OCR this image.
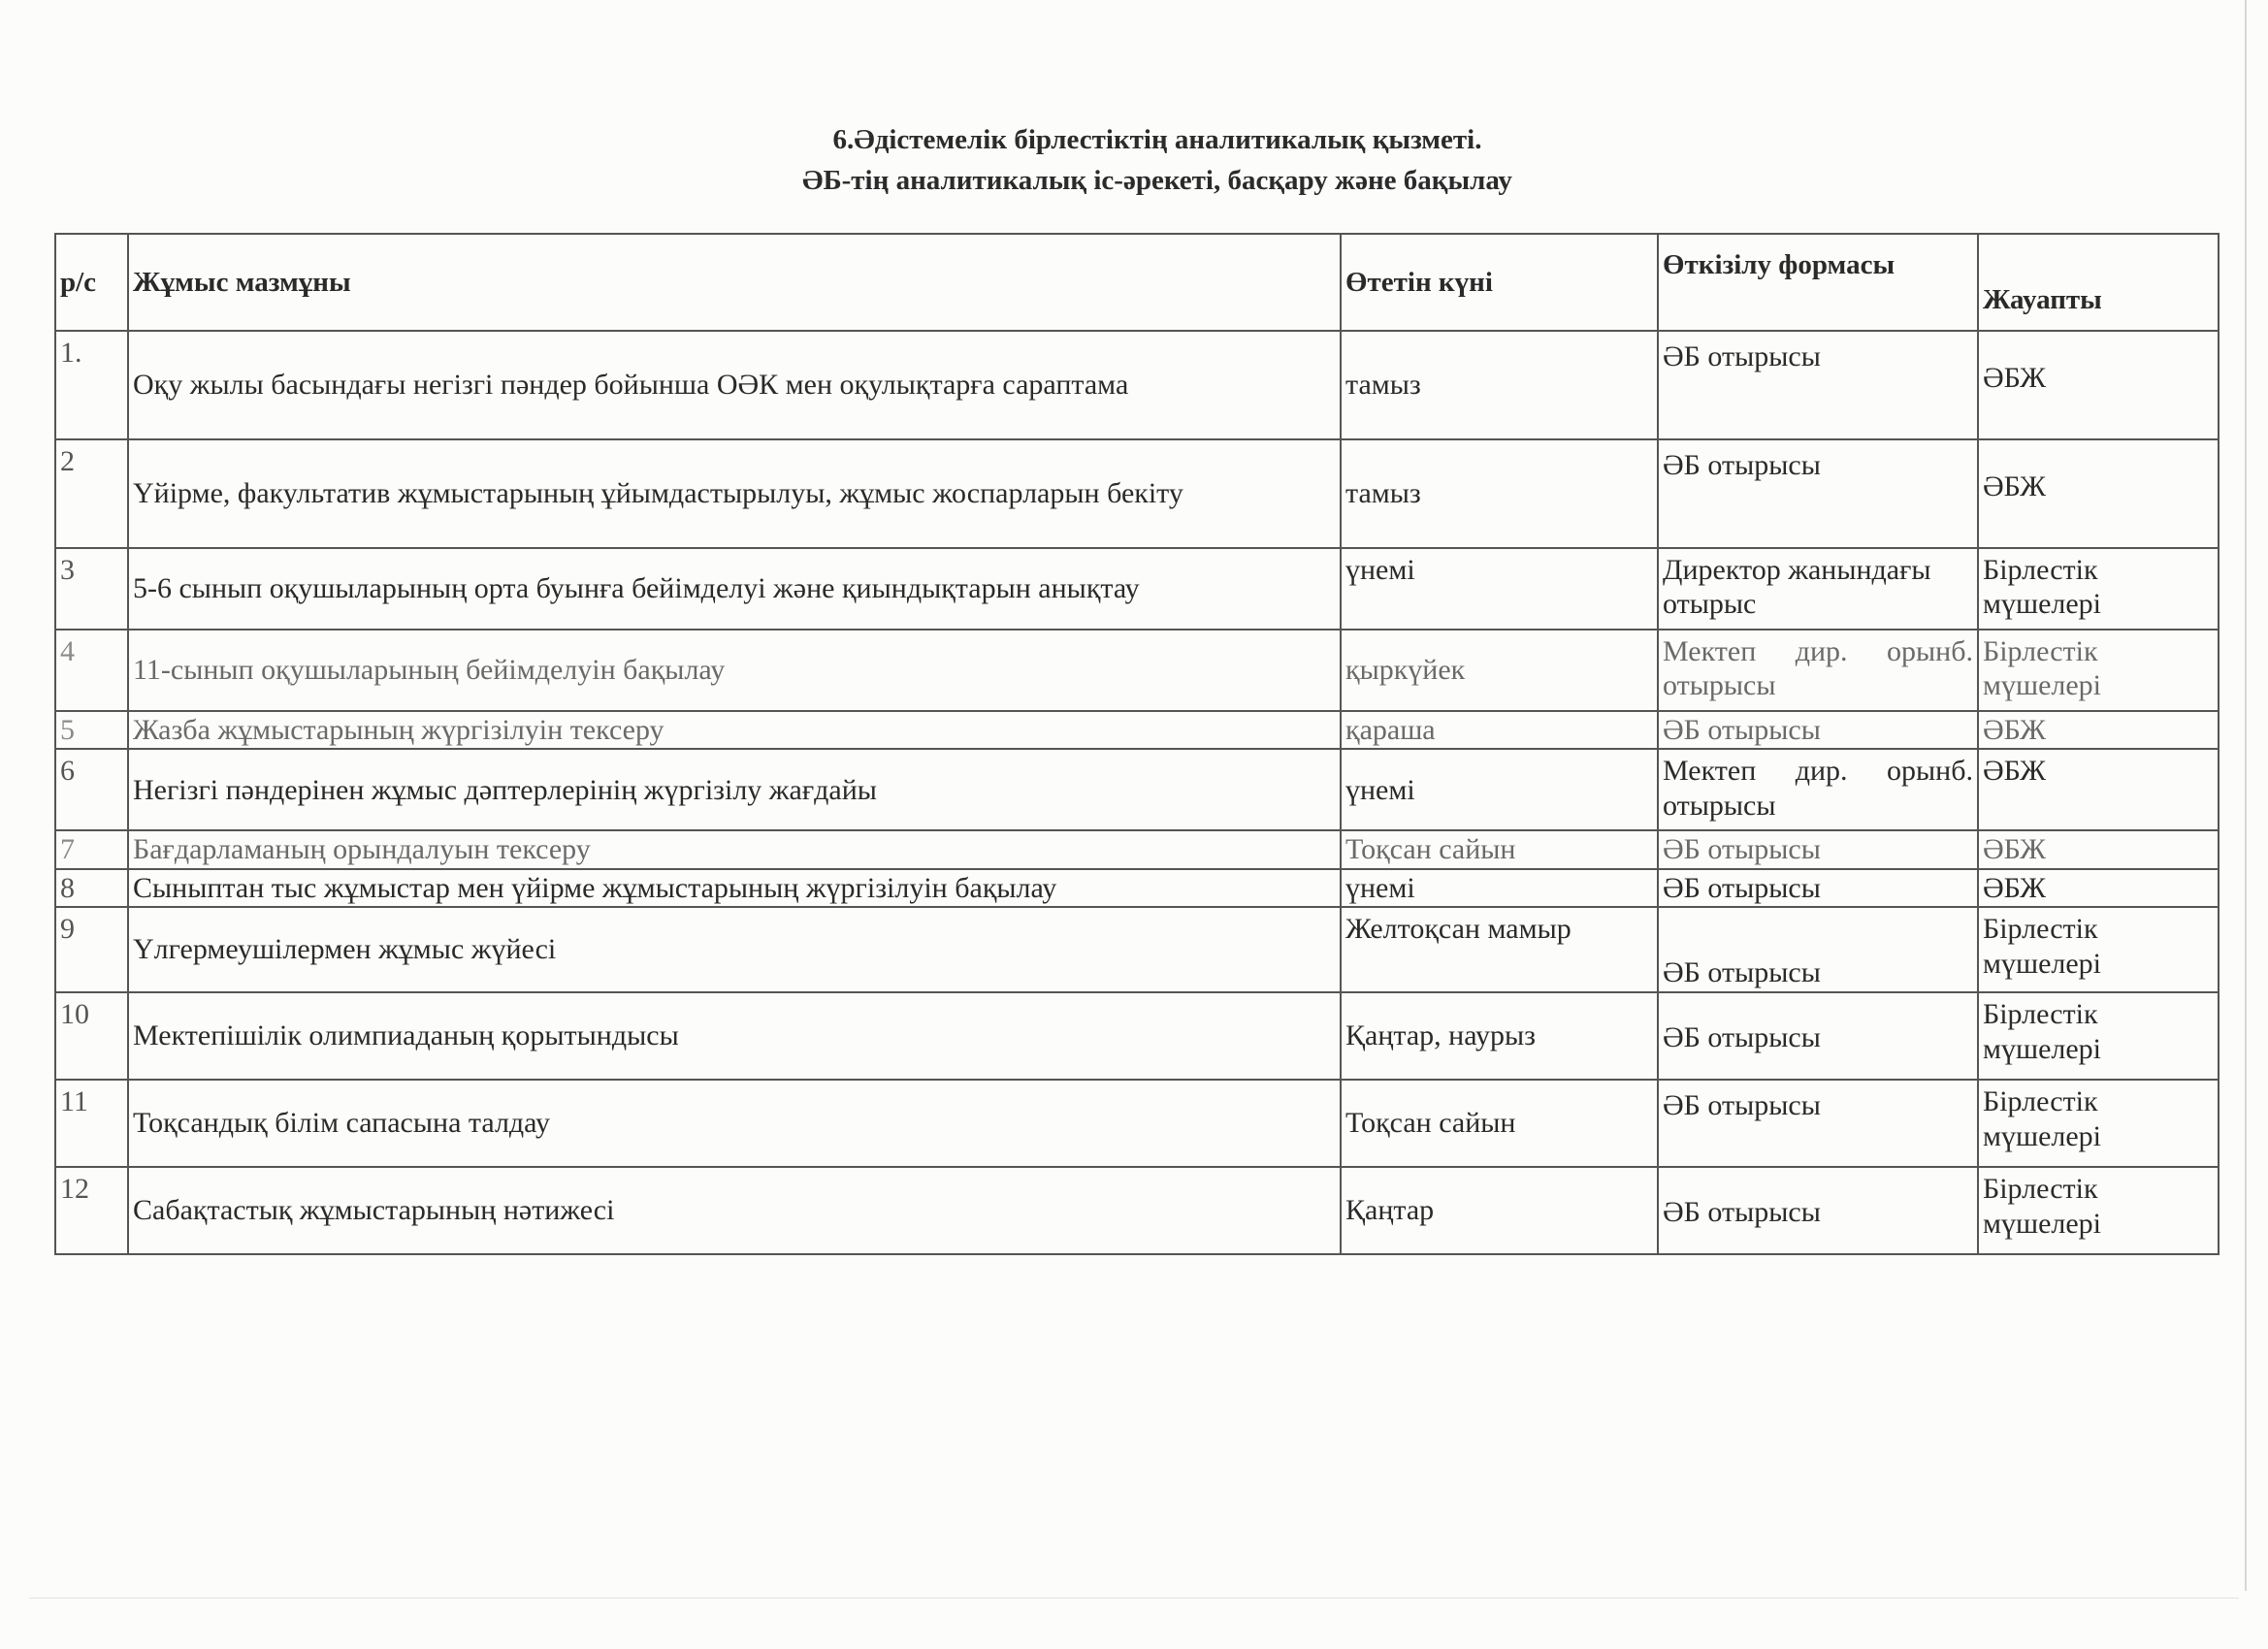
6.Әдістемелік бірлестіктің аналитикалық қызметі.
ӘБ-тің аналитикалық іс-әрекеті, басқару және бақылау
р/с	Жұмыс мазмұны	Өтетін күні	Өткізілу формасы	Жауапты
1.	Оқу жылы басындағы негізгі пәндер бойынша ОӘК мен оқулықтарға сараптама	тамыз	ӘБ отырысы	ӘБЖ
2	Үйірме, факультатив жұмыстарының ұйымдастырылуы, жұмыс жоспарларын бекіту	тамыз	ӘБ отырысы	ӘБЖ
3	5-6 сынып оқушыларының орта буынға бейімделуі және қиындықтарын анықтау	үнемі	Директор жанындағы отырыс	Бірлестік мүшелері
4	11-сынып оқушыларының бейімделуін бақылау	қыркүйек	Мектеп дир. орынб. отырысы	Бірлестік мүшелері
5	Жазба жұмыстарының жүргізілуін тексеру	қараша	ӘБ отырысы	ӘБЖ
6	Негізгі пәндерінен жұмыс дәптерлерінің жүргізілу жағдайы	үнемі	Мектеп дир. орынб. отырысы	ӘБЖ
7	Бағдарламаның орындалуын тексеру	Тоқсан сайын	ӘБ отырысы	ӘБЖ
8	Сыныптан тыс жұмыстар мен үйірме жұмыстарының жүргізілуін бақылау	үнемі	ӘБ отырысы	ӘБЖ
9	Үлгермеушілермен жұмыс жүйесі	Желтоқсан мамыр	ӘБ отырысы	Бірлестік мүшелері
10	Мектепішілік олимпиаданың қорытындысы	Қаңтар, наурыз	ӘБ отырысы	Бірлестік мүшелері
11	Тоқсандық білім сапасына талдау	Тоқсан сайын	ӘБ отырысы	Бірлестік мүшелері
12	Сабақтастық жұмыстарының нәтижесі	Қаңтар	ӘБ отырысы	Бірлестік мүшелері
